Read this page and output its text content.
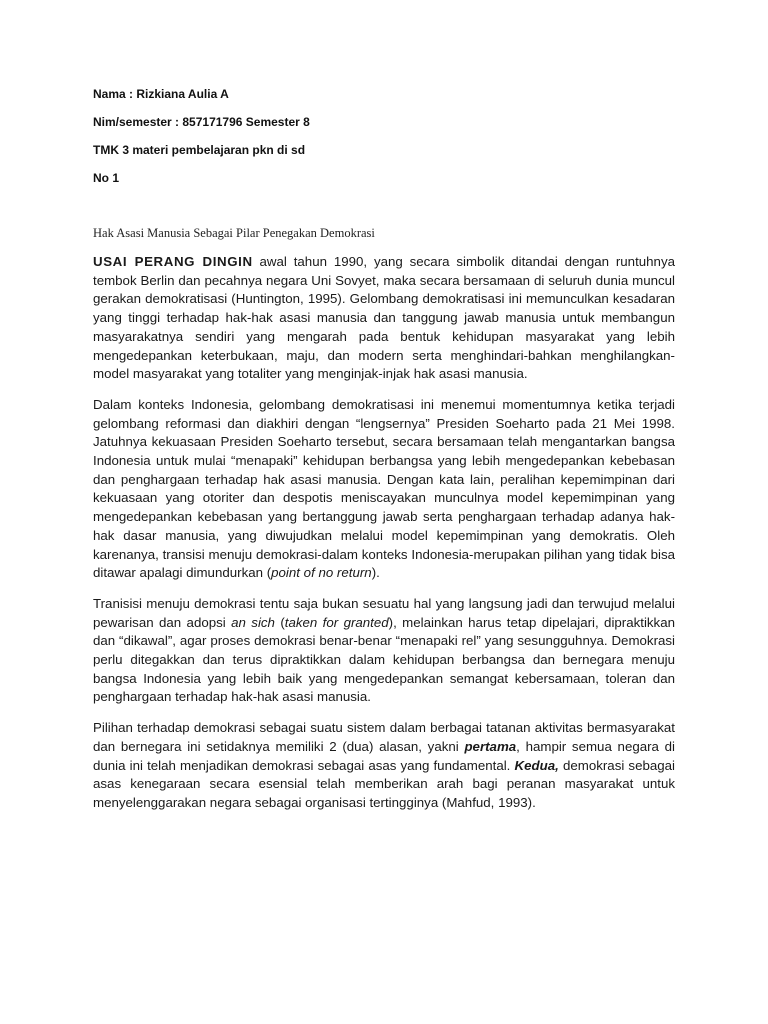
Nama : Rizkiana Aulia A
Nim/semester : 857171796 Semester 8
TMK 3 materi pembelajaran pkn di sd
No 1
Hak Asasi Manusia Sebagai Pilar Penegakan Demokrasi

USAI PERANG DINGIN awal tahun 1990, yang secara simbolik ditandai dengan runtuhnya tembok Berlin dan pecahnya negara Uni Sovyet, maka secara bersamaan di seluruh dunia muncul gerakan demokratisasi (Huntington, 1995). Gelombang demokratisasi ini memunculkan kesadaran yang tinggi terhadap hak-hak asasi manusia dan tanggung jawab manusia untuk membangun masyarakatnya sendiri yang mengarah pada bentuk kehidupan masyarakat yang lebih mengedepankan keterbukaan, maju, dan modern serta menghindari-bahkan menghilangkan-model masyarakat yang totaliter yang menginjak-injak hak asasi manusia.

Dalam konteks Indonesia, gelombang demokratisasi ini menemui momentumnya ketika terjadi gelombang reformasi dan diakhiri dengan “lengsernya” Presiden Soeharto pada 21 Mei 1998. Jatuhnya kekuasaan Presiden Soeharto tersebut, secara bersamaan telah mengantarkan bangsa Indonesia untuk mulai “menapaki” kehidupan berbangsa yang lebih mengedepankan kebebasan dan penghargaan terhadap hak asasi manusia. Dengan kata lain, peralihan kepemimpinan dari kekuasaan yang otoriter dan despotis meniscayakan munculnya model kepemimpinan yang mengedepankan kebebasan yang bertanggung jawab serta penghargaan terhadap adanya hak-hak dasar manusia, yang diwujudkan melalui model kepemimpinan yang demokratis. Oleh karenanya, transisi menuju demokrasi-dalam konteks Indonesia-merupakan pilihan yang tidak bisa ditawar apalagi dimundurkan (point of no return).

Tranisisi menuju demokrasi tentu saja bukan sesuatu hal yang langsung jadi dan terwujud melalui pewarisan dan adopsi an sich (taken for granted), melainkan harus tetap dipelajari, dipraktikkan dan “dikawal”, agar proses demokrasi benar-benar “menapaki rel” yang sesungguhnya. Demokrasi perlu ditegakkan dan terus dipraktikkan dalam kehidupan berbangsa dan bernegara menuju bangsa Indonesia yang lebih baik yang mengedepankan semangat kebersamaan, toleran dan penghargaan terhadap hak-hak asasi manusia.

Pilihan terhadap demokrasi sebagai suatu sistem dalam berbagai tatanan aktivitas bermasyarakat dan bernegara ini setidaknya memiliki 2 (dua) alasan, yakni pertama, hampir semua negara di dunia ini telah menjadikan demokrasi sebagai asas yang fundamental. Kedua, demokrasi sebagai asas kenegaraan secara esensial telah memberikan arah bagi peranan masyarakat untuk menyelenggarakan negara sebagai organisasi tertingginya (Mahfud, 1993).
